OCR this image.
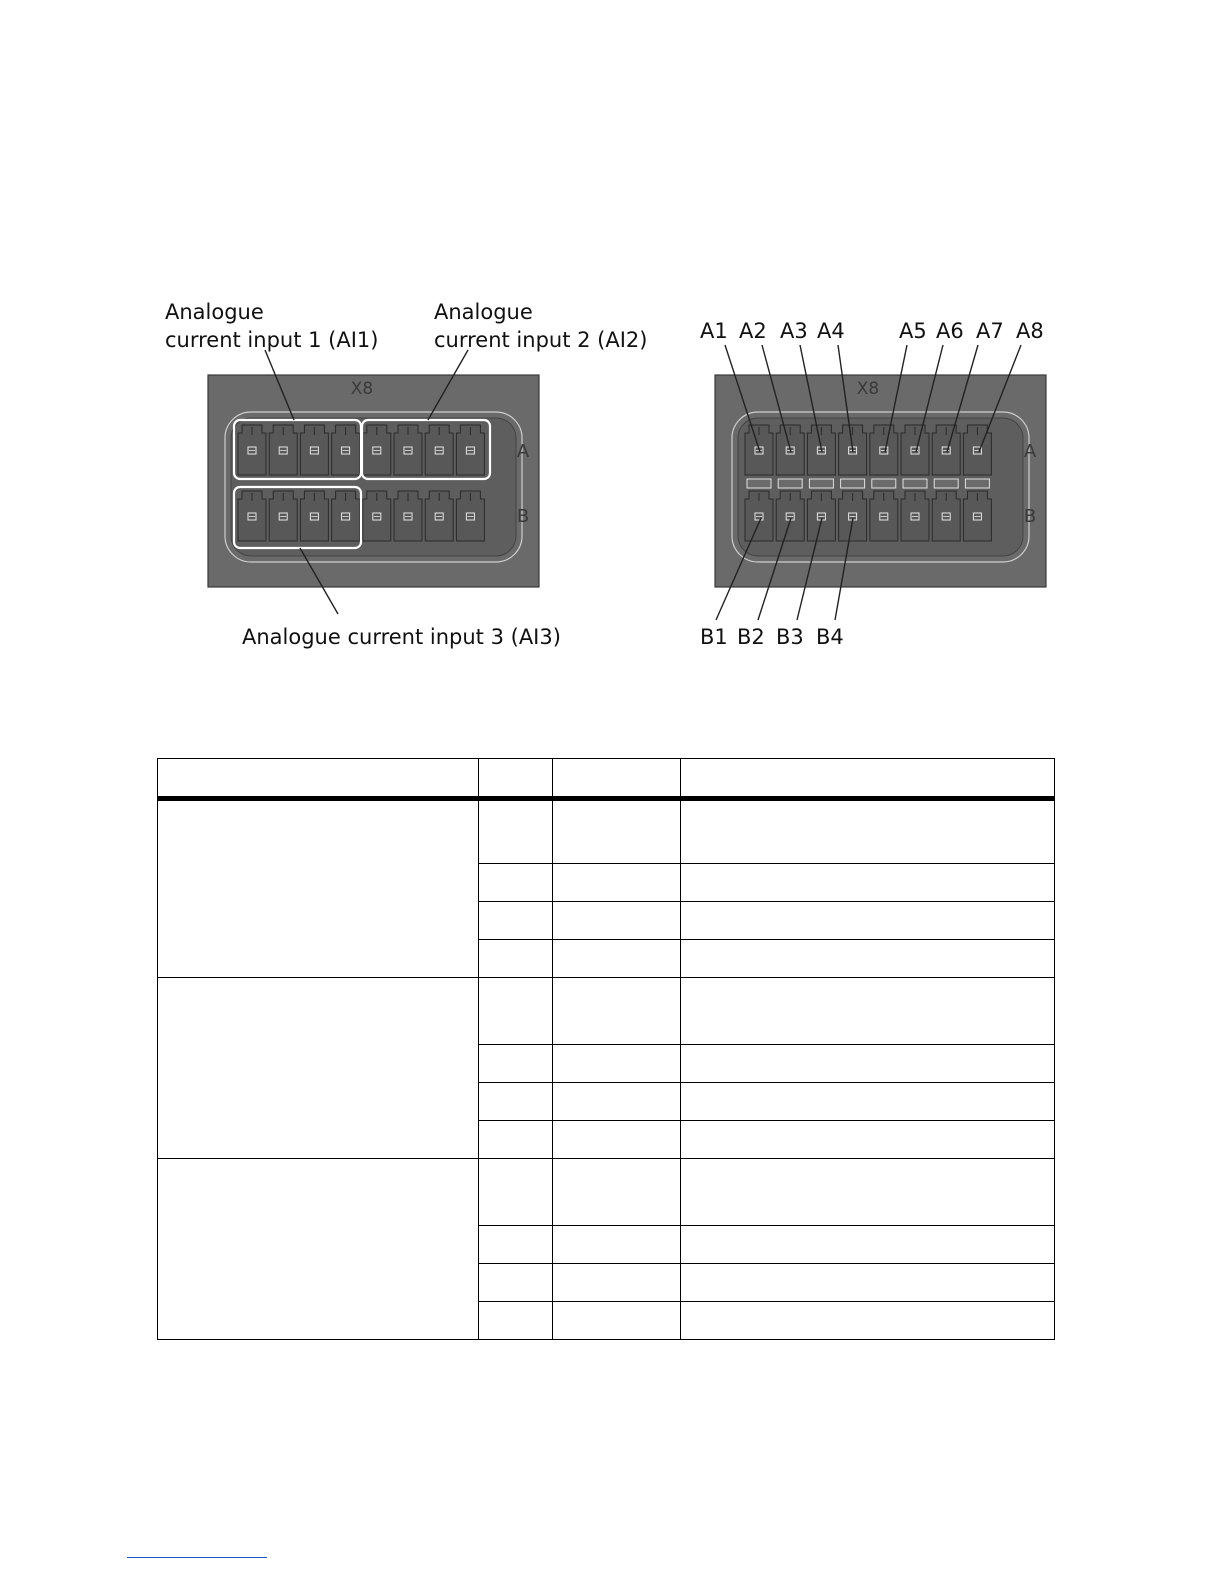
X8
A
B
X8
A
B
Analogue
current input 1 (AI1)
Analogue
current input 2 (AI2)
Analogue current input 3 (AI3)
A1 A2 A3 A4	A5 A6 A7 A8
B1 B2 B3 B4
